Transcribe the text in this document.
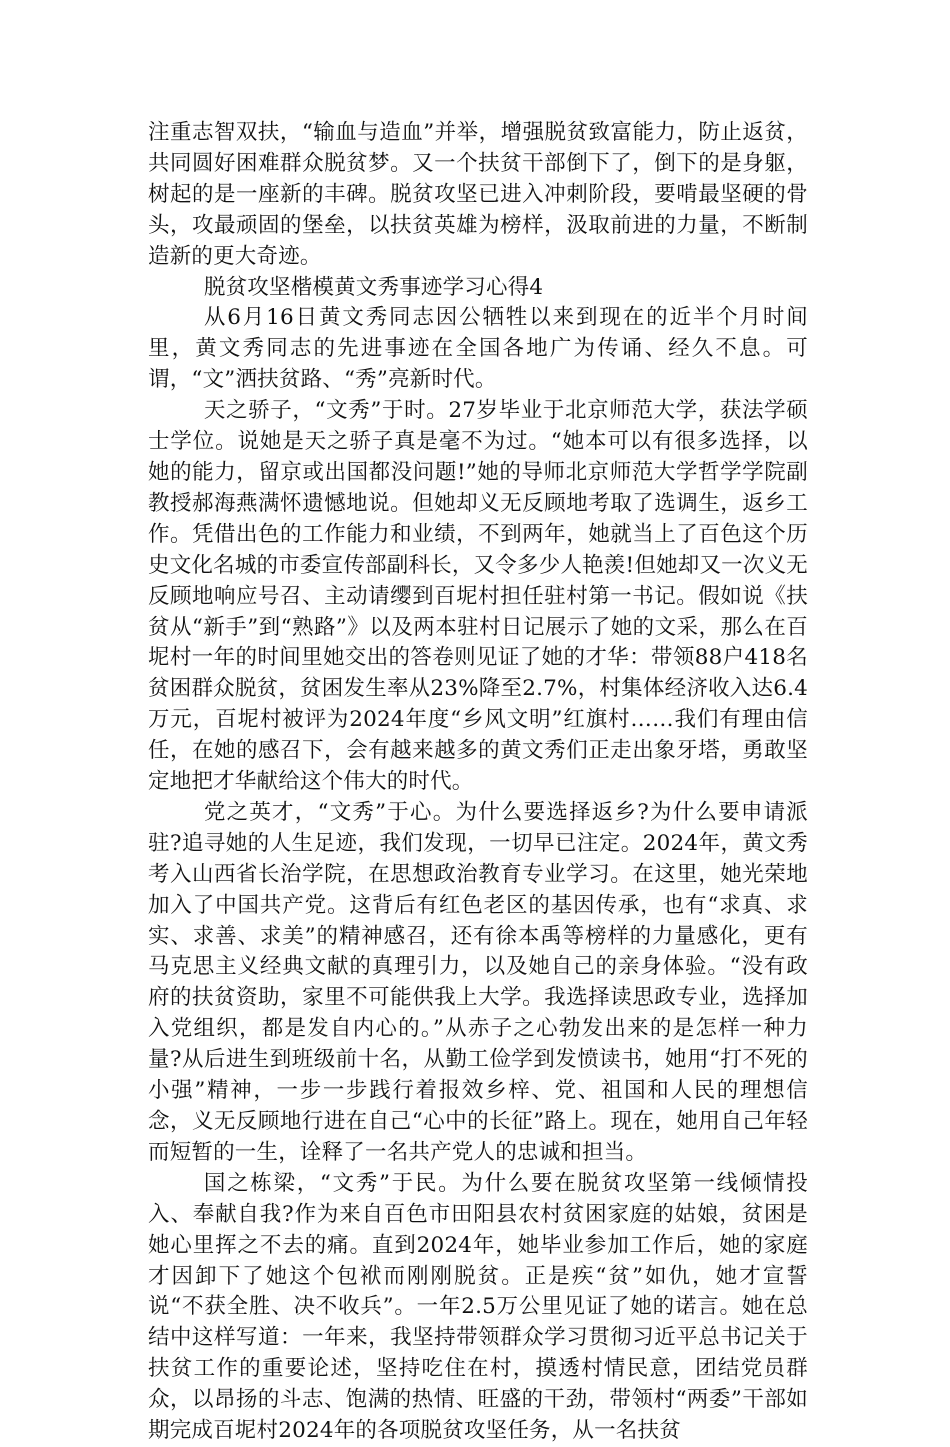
注重志智双扶，“输血与造血”并举，增强脱贫致富能力，防止返贫，共同圆好困难群众脱贫梦。又一个扶贫干部倒下了，倒下的是身躯，树起的是一座新的丰碑。脱贫攻坚已进入冲刺阶段，要啃最坚硬的骨头，攻最顽固的堡垒，以扶贫英雄为榜样，汲取前进的力量，不断制造新的更大奇迹。

脱贫攻坚楷模黄文秀事迹学习心得4

从6月16日黄文秀同志因公牺牲以来到现在的近半个月时间里，黄文秀同志的先进事迹在全国各地广为传诵、经久不息。可谓，“文”洒扶贫路、“秀”亮新时代。

天之骄子，“文秀”于时。27岁毕业于北京师范大学，获法学硕士学位。说她是天之骄子真是毫不为过。“她本可以有很多选择，以她的能力，留京或出国都没问题!”她的导师北京师范大学哲学学院副教授郝海燕满怀遗憾地说。但她却义无反顾地考取了选调生，返乡工作。凭借出色的工作能力和业绩，不到两年，她就当上了百色这个历史文化名城的市委宣传部副科长，又令多少人艳羡!但她却又一次义无反顾地响应号召、主动请缨到百坭村担任驻村第一书记。假如说《扶贫从“新手”到“熟路”》以及两本驻村日记展示了她的文采，那么在百坭村一年的时间里她交出的答卷则见证了她的才华：带领88户418名贫困群众脱贫，贫困发生率从23%降至2.7%，村集体经济收入达6.4万元，百坭村被评为2024年度“乡风文明”红旗村……我们有理由信任，在她的感召下，会有越来越多的黄文秀们正走出象牙塔，勇敢坚定地把才华献给这个伟大的时代。

党之英才，“文秀”于心。为什么要选择返乡?为什么要申请派驻?追寻她的人生足迹，我们发现，一切早已注定。2024年，黄文秀考入山西省长治学院，在思想政治教育专业学习。在这里，她光荣地加入了中国共产党。这背后有红色老区的基因传承，也有“求真、求实、求善、求美”的精神感召，还有徐本禹等榜样的力量感化，更有马克思主义经典文献的真理引力，以及她自己的亲身体验。“没有政府的扶贫资助，家里不可能供我上大学。我选择读思政专业，选择加入党组织，都是发自内心的。”从赤子之心勃发出来的是怎样一种力量?从后进生到班级前十名，从勤工俭学到发愤读书，她用“打不死的小强”精神，一步一步践行着报效乡梓、党、祖国和人民的理想信念，义无反顾地行进在自己“心中的长征”路上。现在，她用自己年轻而短暂的一生，诠释了一名共产党人的忠诚和担当。

国之栋梁，“文秀”于民。为什么要在脱贫攻坚第一线倾情投入、奉献自我?作为来自百色市田阳县农村贫困家庭的姑娘，贫困是她心里挥之不去的痛。直到2024年，她毕业参加工作后，她的家庭才因卸下了她这个包袱而刚刚脱贫。正是疾“贫”如仇，她才宣誓说“不获全胜、决不收兵”。一年2.5万公里见证了她的诺言。她在总结中这样写道：一年来，我坚持带领群众学习贯彻习近平总书记关于扶贫工作的重要论述，坚持吃住在村，摸透村情民意，团结党员群众，以昂扬的斗志、饱满的热情、旺盛的干劲，带领村“两委”干部如期完成百坭村2024年的各项脱贫攻坚任务，从一名扶贫
